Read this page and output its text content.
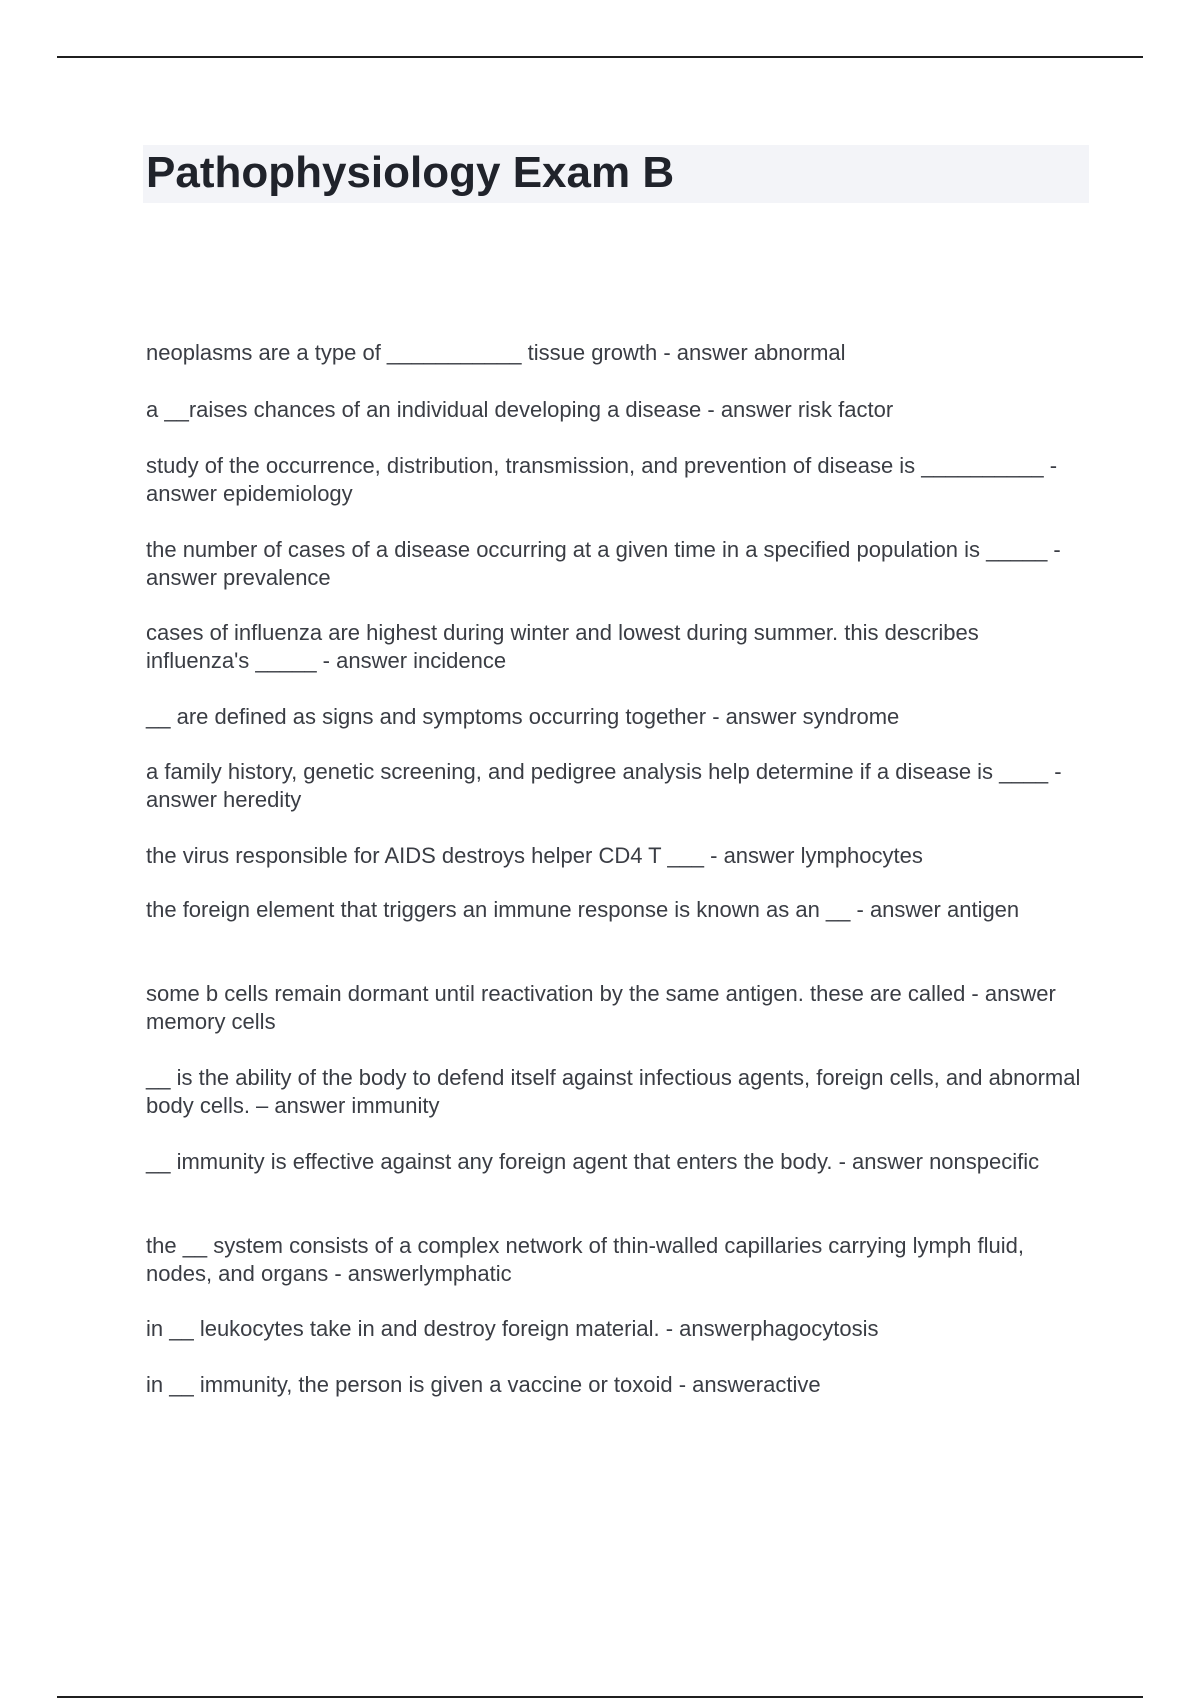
Pathophysiology Exam B
neoplasms are a type of ___________ tissue growth - answer abnormal
a __raises chances of an individual developing a disease - answer risk factor
study of the occurrence, distribution, transmission, and prevention of disease is __________ - answer epidemiology
the number of cases of a disease occurring at a given time in a specified population is _____ - answer prevalence
cases of influenza are highest during winter and lowest during summer. this describes influenza's _____ - answer incidence
__ are defined as signs and symptoms occurring together - answer syndrome
a family history, genetic screening, and pedigree analysis help determine if a disease is ____ - answer heredity
the virus responsible for AIDS destroys helper CD4 T ___ - answer lymphocytes
the foreign element that triggers an immune response is known as an __ - answer antigen
some b cells remain dormant until reactivation by the same antigen. these are called - answer memory cells
__ is the ability of the body to defend itself against infectious agents, foreign cells, and abnormal body cells. – answer immunity
__ immunity is effective against any foreign agent that enters the body. - answer nonspecific
the __ system consists of a complex network of thin-walled capillaries carrying lymph fluid, nodes, and organs - answerlymphatic
in __ leukocytes take in and destroy foreign material. - answerphagocytosis
in __ immunity, the person is given a vaccine or toxoid - answeractive
